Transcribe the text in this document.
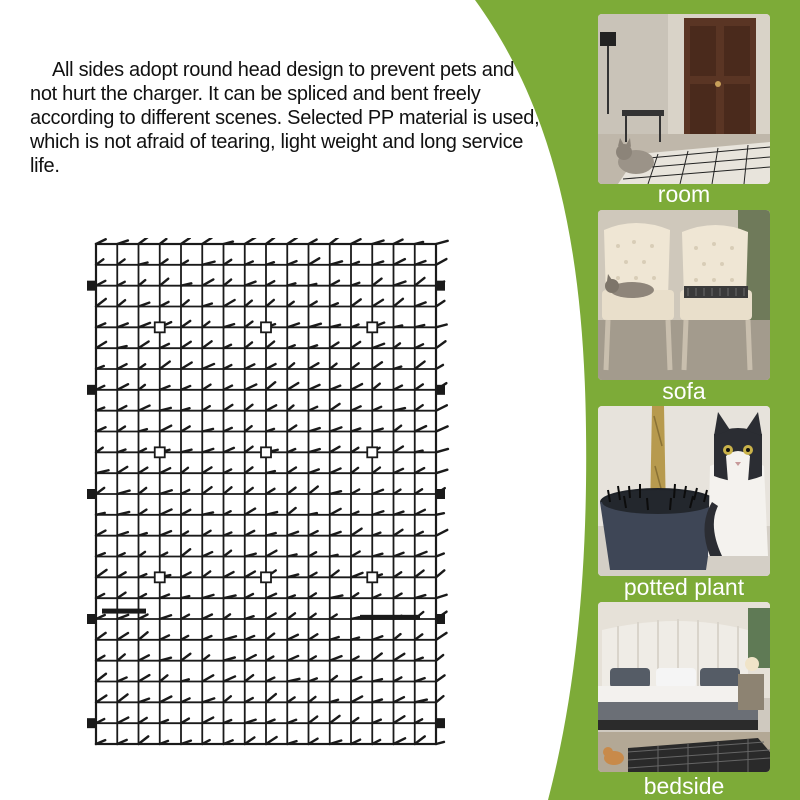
All sides adopt round head design to prevent pets and not hurt the charger. It can be spliced and bent freely according to different scenes. Selected PP material is used, which is not afraid of tearing, light weight and long service life.

room
sofa
potted plant
bedside
